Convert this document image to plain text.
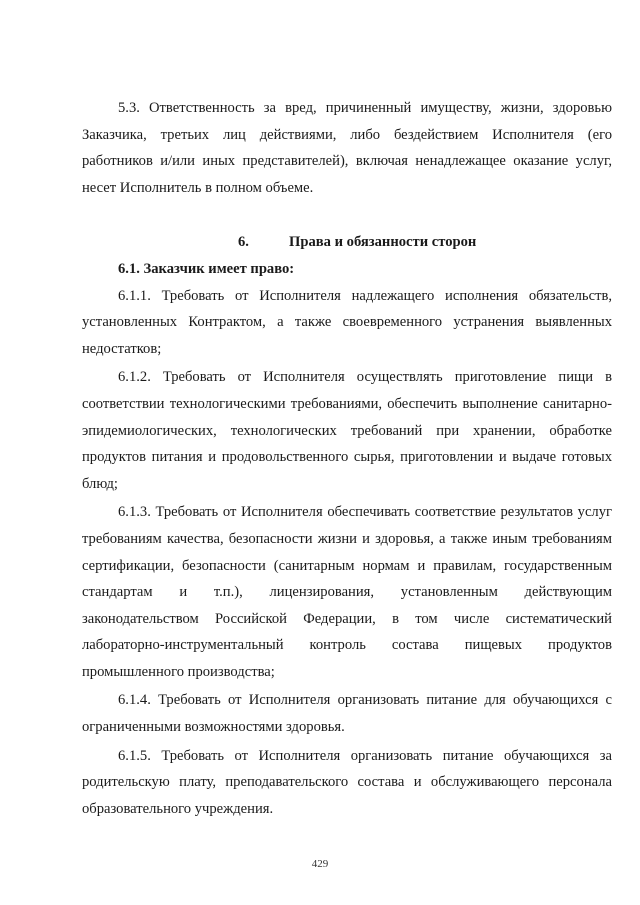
5.3. Ответственность за вред, причиненный имуществу, жизни, здоровью Заказчика, третьих лиц действиями, либо бездействием Исполнителя (его работников и/или иных представителей), включая ненадлежащее оказание услуг, несет Исполнитель в полном объеме.

6.	Права и обязанности сторон

6.1. Заказчик имеет право:

6.1.1. Требовать от Исполнителя надлежащего исполнения обязательств, установленных Контрактом, а также своевременного устранения выявленных недостатков;

6.1.2. Требовать от Исполнителя осуществлять приготовление пищи в соответствии технологическими требованиями, обеспечить выполнение санитарно-эпидемиологических, технологических требований при хранении, обработке продуктов питания и продовольственного сырья, приготовлении и выдаче готовых блюд;

6.1.3. Требовать от Исполнителя обеспечивать соответствие результатов услуг требованиям качества, безопасности жизни и здоровья, а также иным требованиям сертификации, безопасности (санитарным нормам и правилам, государственным стандартам и т.п.), лицензирования, установленным действующим законодательством Российской Федерации, в том числе систематический лабораторно-инструментальный контроль состава пищевых продуктов промышленного производства;

6.1.4. Требовать от Исполнителя организовать питание для обучающихся с ограниченными возможностями здоровья.

6.1.5. Требовать от Исполнителя организовать питание обучающихся за родительскую плату, преподавательского состава и обслуживающего персонала образовательного учреждения.

429
